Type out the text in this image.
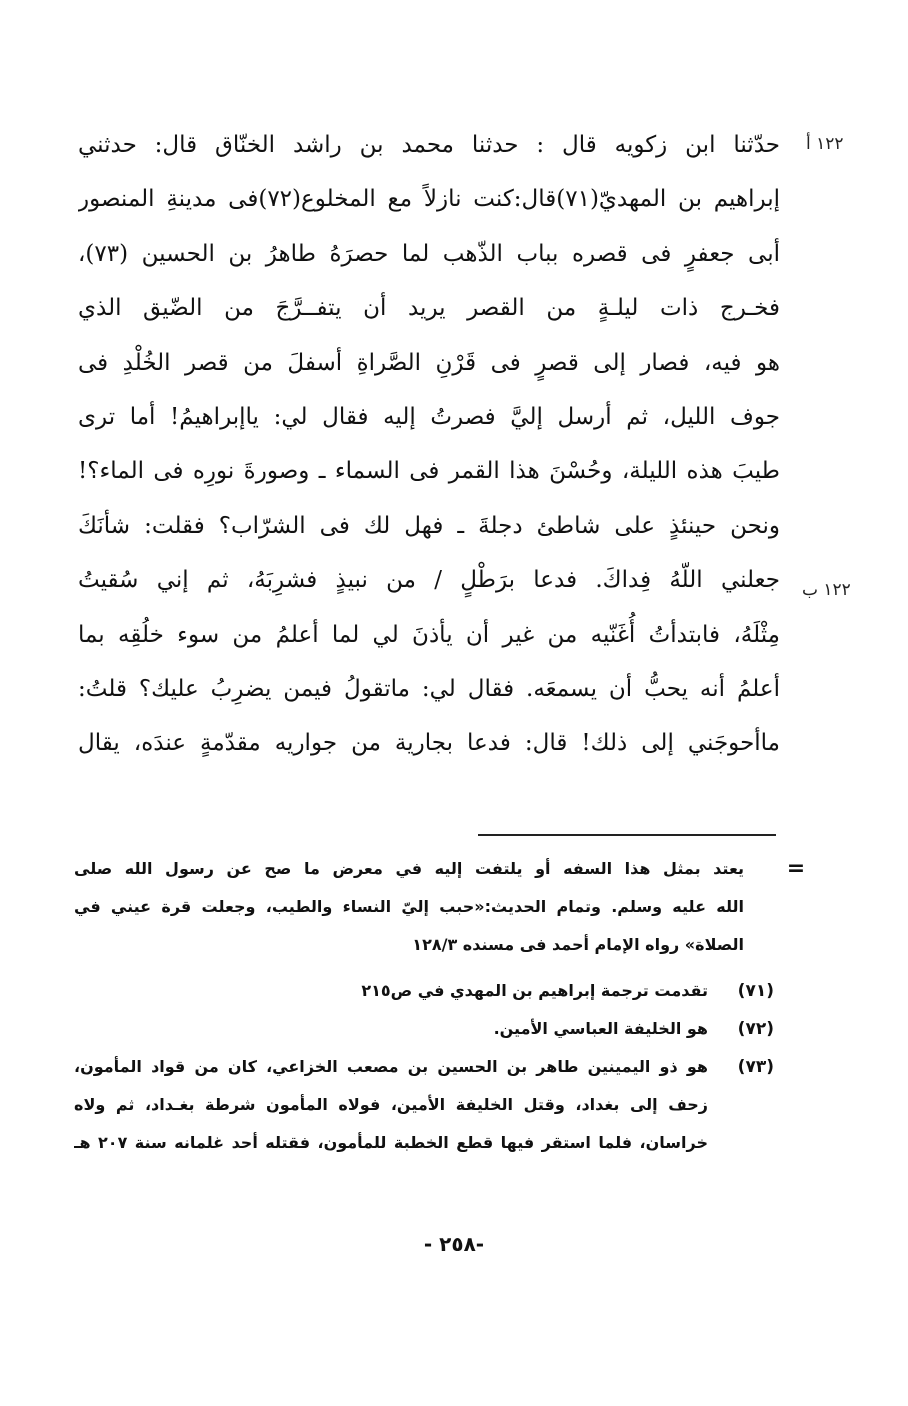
١٢٢ أ
١٢٢ ب
حدّثنا ابن زكويه قال : حدثنا محمد بن راشد الخنّاق قال: حدثني
إبراهيم بن المهديّ(٧١)قال:كنت نازلاً مع المخلوع(٧٢)فى مدينةِ المنصور
أبى جعفرٍ فى قصره بباب الذّهب لما حصرَهُ طاهرُ بن الحسين (٧٣)،
فخـرج ذات ليلـةٍ من القصر يريد أن يتفــرَّجَ من الضّيق الذي
هو فيه، فصار إلى قصرٍ فى قَرْنِ الصَّراةِ أسفلَ من قصر الخُلْدِ فى
جوف الليل، ثم أرسل إليَّ فصرتُ إليه فقال لي: ياإبراهيمُ! أما ترى
طيبَ هذه الليلة، وحُسْنَ هذا القمر فى السماء ـ وصورةَ نورِه فى الماء؟!
ونحن حينئذٍ على شاطئ دجلةَ ـ فهل لك فى الشرّاب؟ فقلت: شأنَكَ
جعلني اللّهُ فِداكَ. فدعا برَطْلٍ / من نبيذٍ فشرِبَهُ، ثم إني سُقيتُ
مِثْلَهُ، فابتدأتُ أُغَنّيه من غير أن يأذنَ لي لما أعلمُ من سوء خلُقِه بما
أعلمُ أنه يحبُّ أن يسمعَه. فقال لي: ماتقولُ فيمن يضرِبُ عليك؟ قلتُ:
ماأحوجَني إلى ذلك! قال: فدعا بجارية من جواريه مقدّمةٍ عندَه، يقال
=
يعتد بمثل هذا السفه أو يلتفت إليه في معرض ما صح عن رسول الله صلى
الله عليه وسلم. وتمام الحديث:«حبب إليّ النساء والطيب، وجعلت قرة عيني في
الصلاة» رواه الإمام أحمد فى مسنده ١٢٨/٣
(٧١)
تقدمت ترجمة إبراهيم بن المهدي في ص٢١٥
(٧٢)
هو الخليفة العباسي الأمين.
(٧٣)
هو ذو اليمينين طاهر بن الحسين بن مصعب الخزاعي، كان من قواد المأمون،
زحف إلى بغداد، وقتل الخليفة الأمين، فولاه المأمون شرطة بغـداد، ثم ولاه
خراسان، فلما استقر فيها قطع الخطبة للمأمون، فقتله أحد غلمانه سنة ٢٠٧ هـ
-٢٥٨ -
